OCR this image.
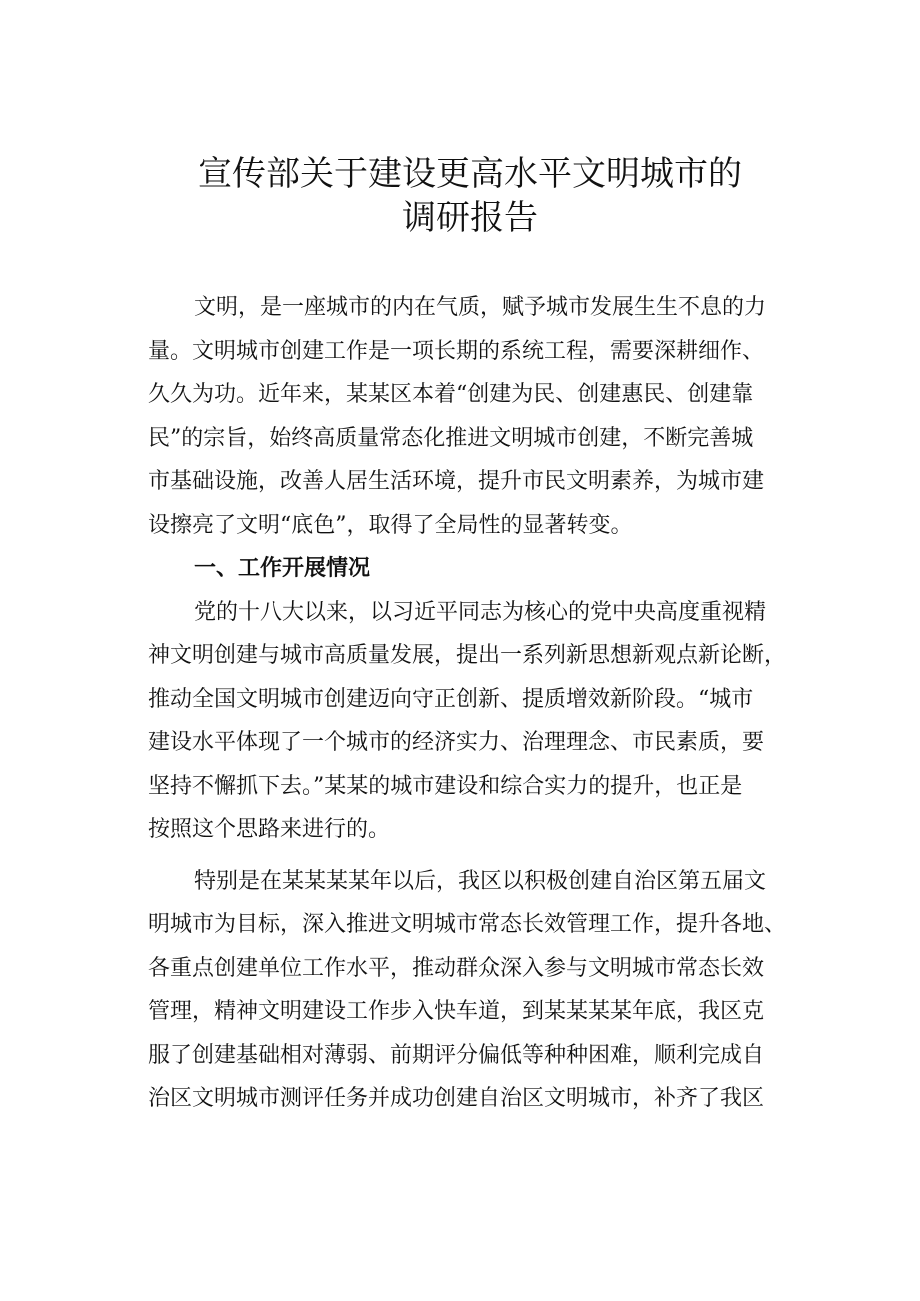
宣传部关于建设更高水平文明城市的
调研报告
文明，是一座城市的内在气质，赋予城市发展生生不息的力
量。文明城市创建工作是一项长期的系统工程，需要深耕细作、
久久为功。近年来，某某区本着“创建为民、创建惠民、创建靠
民”的宗旨，始终高质量常态化推进文明城市创建，不断完善城
市基础设施，改善人居生活环境，提升市民文明素养，为城市建
设擦亮了文明“底色”，取得了全局性的显著转变。
一、工作开展情况
党的十八大以来，以习近平同志为核心的党中央高度重视精
神文明创建与城市高质量发展，提出一系列新思想新观点新论断，
推动全国文明城市创建迈向守正创新、提质增效新阶段。“城市
建设水平体现了一个城市的经济实力、治理理念、市民素质，要
坚持不懈抓下去。”某某的城市建设和综合实力的提升，也正是
按照这个思路来进行的。
特别是在某某某某年以后，我区以积极创建自治区第五届文
明城市为目标，深入推进文明城市常态长效管理工作，提升各地、
各重点创建单位工作水平，推动群众深入参与文明城市常态长效
管理，精神文明建设工作步入快车道，到某某某某年底，我区克
服了创建基础相对薄弱、前期评分偏低等种种困难，顺利完成自
治区文明城市测评任务并成功创建自治区文明城市，补齐了我区
